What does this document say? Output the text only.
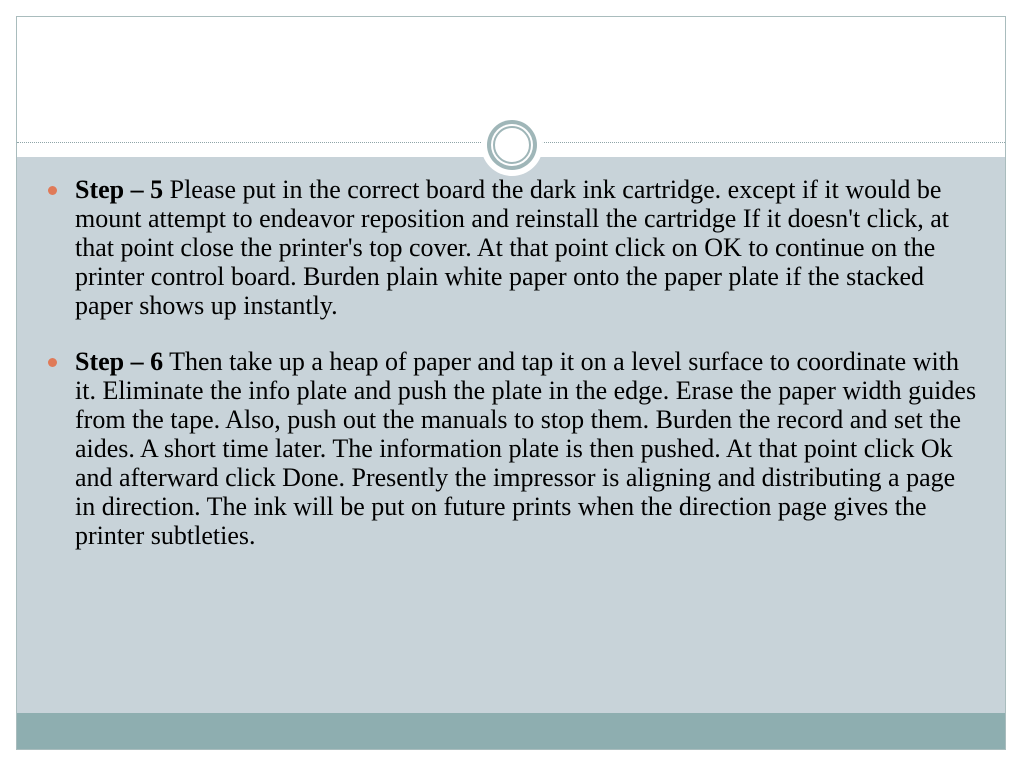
Step – 5 Please put in the correct board the dark ink cartridge. except if it would be mount attempt to endeavor reposition and reinstall the cartridge If it doesn't click, at that point close the printer's top cover. At that point click on OK to continue on the printer control board. Burden plain white paper onto the paper plate if the stacked paper shows up instantly.
Step – 6 Then take up a heap of paper and tap it on a level surface to coordinate with it. Eliminate the info plate and push the plate in the edge. Erase the paper width guides from the tape. Also, push out the manuals to stop them. Burden the record and set the aides. A short time later. The information plate is then pushed. At that point click Ok and afterward click Done. Presently the impressor is aligning and distributing a page in direction. The ink will be put on future prints when the direction page gives the printer subtleties.
